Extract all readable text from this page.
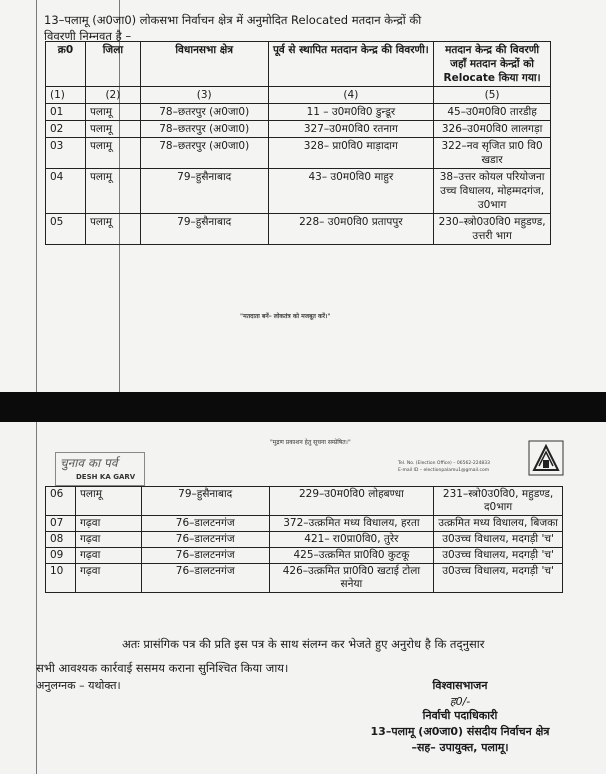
13–पलामू (अ0जा0) लोकसभा निर्वाचन क्षेत्र में अनुमोदित Relocated मतदान केन्द्रों की
विवरणी निम्नवत है –
क्र0	जिला	विधानसभा क्षेत्र	पूर्व से स्थापित मतदान केन्द्र की विवरणी।	मतदान केन्द्र की विवरणी जहाँ मतदान केन्द्रों को Relocate किया गया।
(1)	(2)	(3)	(4)	(5)
01	पलामू	78–छतरपुर (अ0जा0)	11 – उ0म0वि0 डुन्डूर	45–उ0म0वि0 तारडीह
02	पलामू	78–छतरपुर (अ0जा0)	327–उ0म0वि0 रतनाग	326–उ0म0वि0 लालगड़ा
03	पलामू	78–छतरपुर (अ0जा0)	328– प्रा0वि0 माड़ादाग	322–नव सृजित प्रा0 वि0 खडार
04	पलामू	79–हुसैनाबाद	43– उ0म0वि0 माहुर	38–उत्तर कोयल परियोजना उच्च विधालय, मोहम्मदगंज, उ0भाग
05	पलामू	79–हुसैनाबाद	228– उ0म0वि0 प्रतापपुर	230–स्त्रो0उ0वि0 महुडण्ड, उत्तरी भाग
"मतदाता बनें– लोकतंत्र को मजबूत करें।"
"मुद्रण प्रकाशन हेतु सूचना सम्प्रेषित।"
चुनाव का पर्व
DESH KA GARV
Tel. No. (Election Office) – 06562-224833
E-mail ID – electionpalamu1@gmail.com
06	पलामू	79–हुसैनाबाद	229–उ0म0वि0 लोहबण्धा	231–स्त्रो0उ0वि0, महुडण्ड, द0भाग
07	गढ़वा	76–डालटनगंज	372–उत्क्रमित मध्य विधालय, हरता	उत्क्रमित मध्य विधालय, बिजका
08	गढ़वा	76–डालटनगंज	421– रा0प्रा0वि0, तुरेर	उ0उच्च विधालय, मदगड़ी 'च'
09	गढ़वा	76–डालटनगंज	425–उत्क्रमित प्रा0वि0 कुटकू	उ0उच्च विधालय, मदगड़ी 'च'
10	गढ़वा	76–डालटनगंज	426–उत्क्रमित प्रा0वि0 खटाई टोला सनेया	उ0उच्च विधालय, मदगड़ी 'च'
अतः प्रासंगिक पत्र की प्रति इस पत्र के साथ संलग्न कर भेजते हुए अनुरोध है कि तद्नुसार
सभी आवश्यक कार्रवाई ससमय कराना सुनिश्चित किया जाय।
अनुलग्नक – यथोक्त।	विश्वासभाजन
ह0/-
निर्वाची पदाधिकारी
13–पलामू (अ0जा0) संसदीय निर्वाचन क्षेत्र
–सह– उपायुक्त, पलामू।
